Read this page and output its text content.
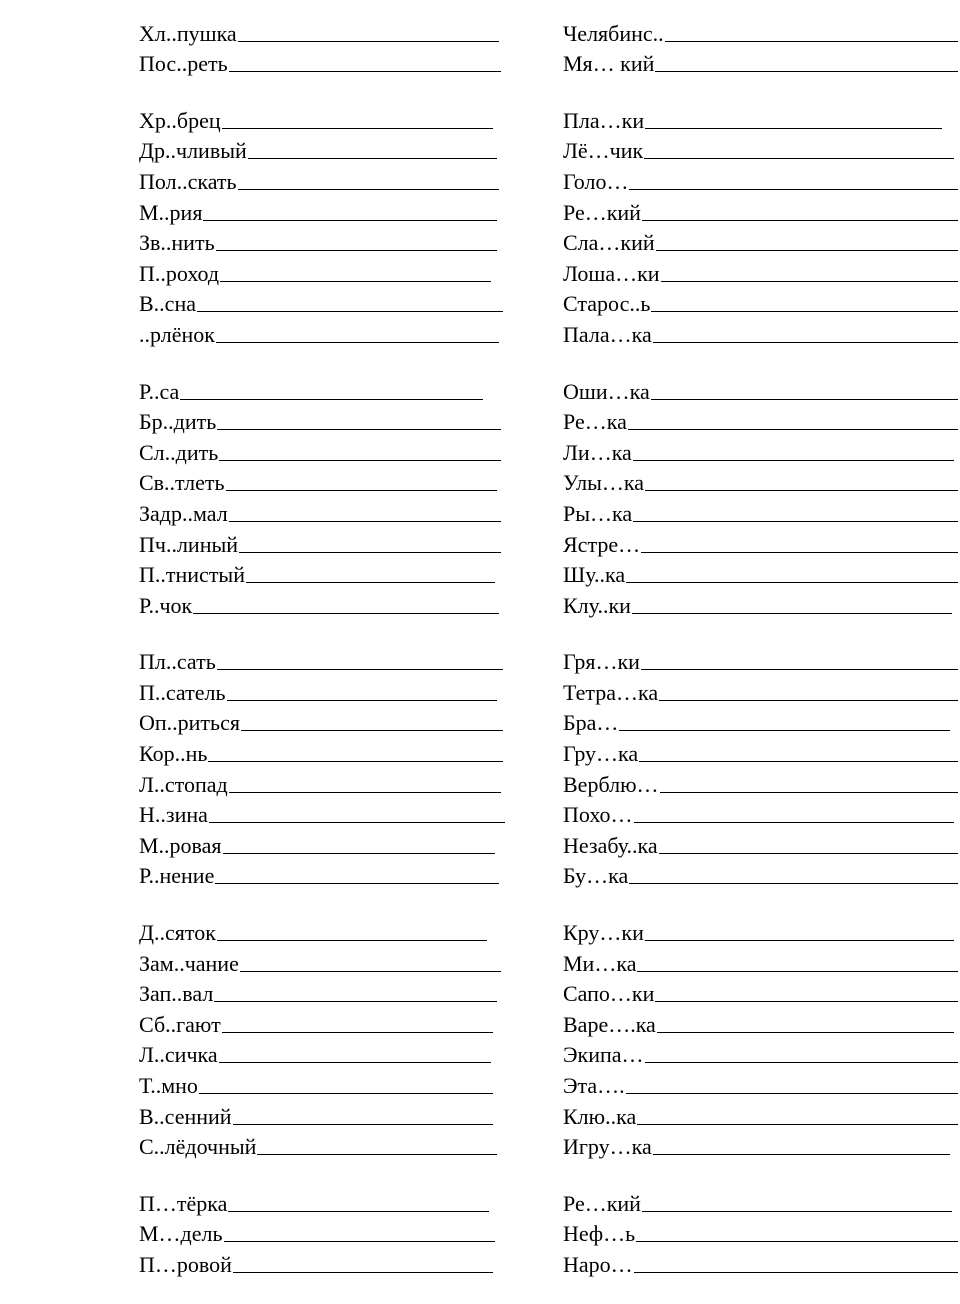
Хл..пушка
Пос..реть
Хр..брец
Др..чливый
Пол..скать
М..рия
Зв..нить
П..роход
В..сна
..рлёнок
Р..са
Бр..дить
Сл..дить
Св..тлеть
Задр..мал
Пч..линый
П..тнистый
Р..чок
Пл..сать
П..сатель
Оп..риться
Кор..нь
Л..стопад
Н..зина
М..ровая
Р..нение
Д..сяток
Зам..чание
Зап..вал
Сб..гают
Л..сичка
Т..мно
В..сенний
С..лёдочный
П…тёрка
М…дель
П…ровой
Челябинс..
Мя… кий
Пла…ки
Лё…чик
Голо…
Ре…кий
Сла…кий
Лоша…ки
Старос..ь
Пала…ка
Оши…ка
Ре…ка
Ли…ка
Улы…ка
Ры…ка
Ястре…
Шу..ка
Клу..ки
Гря…ки
Тетра…ка
Бра…
Гру…ка
Верблю…
Похо…
Незабу..ка
Бу…ка
Кру…ки
Ми…ка
Сапо…ки
Варе….ка
Экипа…
Эта….
Клю..ка
Игру…ка
Ре…кий
Неф…ь
Наро…
